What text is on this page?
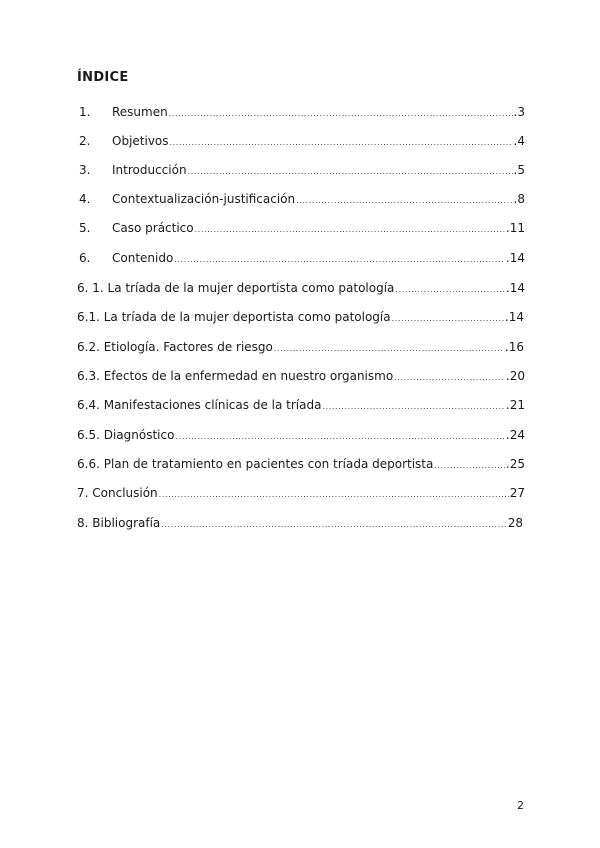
ÍNDICE
1.	Resumen .....	.3
2.	Objetivos .....	.4
3.	Introducción .....	.5
4.	Contextualización-justificación .....	.8
5.	Caso práctico .....	.11
6.	Contenido .....	.14
6. 1. La tríada de la mujer deportista como patología .....	.14
6.1. La tríada de la mujer deportista como patología .....	.14
6.2. Etiología. Factores de riesgo .....	.16
6.3. Efectos de la enfermedad en nuestro organismo .....	.20
6.4. Manifestaciones clínicas de la tríada .....	.21
6.5. Diagnóstico .....	.24
6.6. Plan de tratamiento en pacientes con tríada deportista .....	.25
7. Conclusión .....	27
8. Bibliografía .....	28
2
